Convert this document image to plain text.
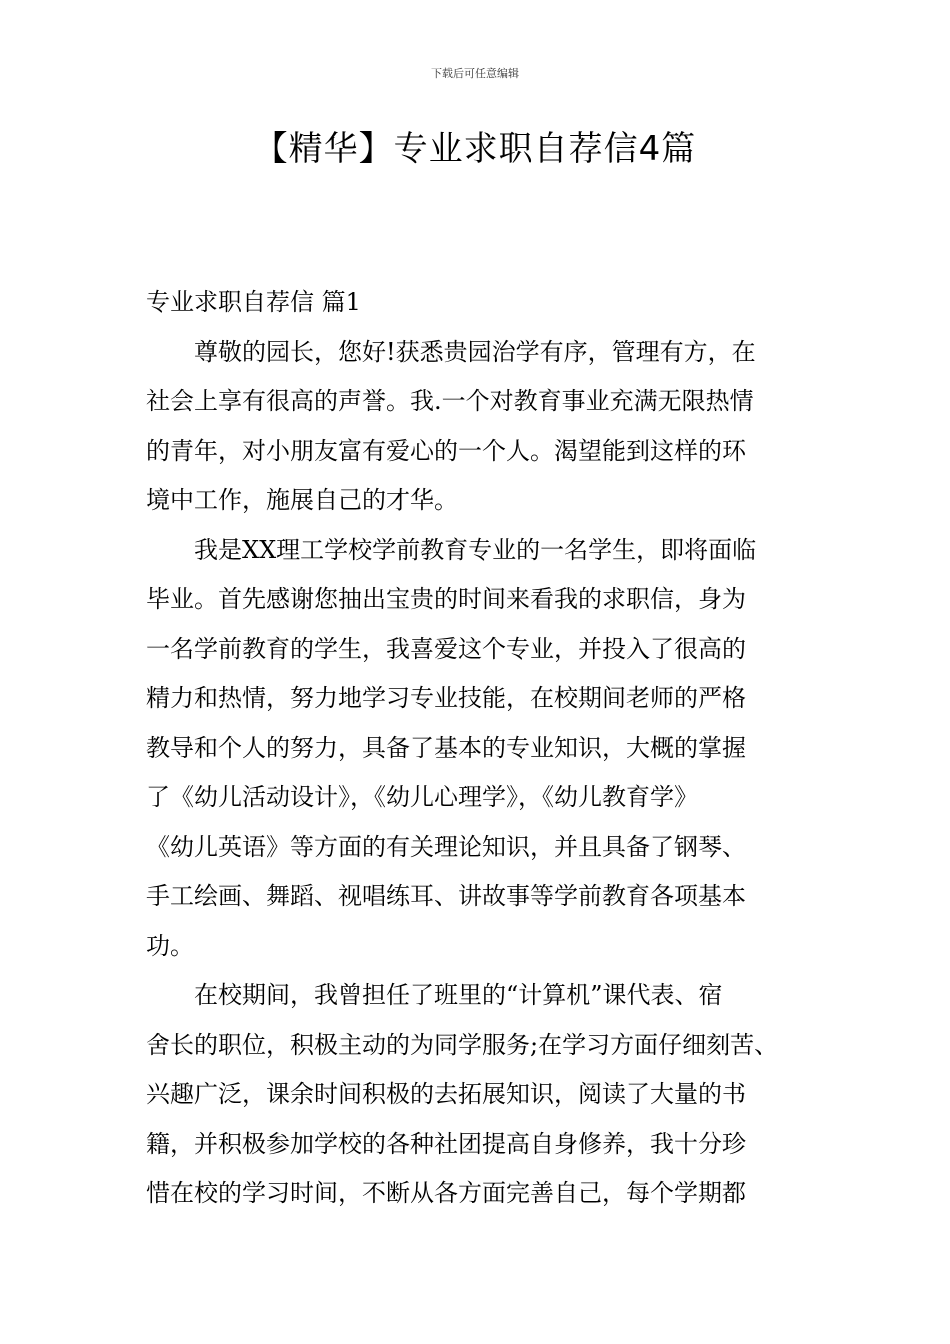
下载后可任意编辑
【精华】专业求职自荐信4篇
专业求职自荐信 篇1
尊敬的园长，您好!获悉贵园治学有序，管理有方，在
社会上享有很高的声誉。我.一个对教育事业充满无限热情
的青年，对小朋友富有爱心的一个人。渴望能到这样的环
境中工作，施展自己的才华。
我是XX理工学校学前教育专业的一名学生，即将面临
毕业。首先感谢您抽出宝贵的时间来看我的求职信，身为
一名学前教育的学生，我喜爱这个专业，并投入了很高的
精力和热情，努力地学习专业技能，在校期间老师的严格
教导和个人的努力，具备了基本的专业知识，大概的掌握
了《幼儿活动设计》，《幼儿心理学》，《幼儿教育学》
《幼儿英语》等方面的有关理论知识，并且具备了钢琴、
手工绘画、舞蹈、视唱练耳、讲故事等学前教育各项基本
功。
在校期间，我曾担任了班里的“计算机”课代表、宿
舍长的职位，积极主动的为同学服务;在学习方面仔细刻苦、
兴趣广泛，课余时间积极的去拓展知识，阅读了大量的书
籍，并积极参加学校的各种社团提高自身修养，我十分珍
惜在校的学习时间，不断从各方面完善自己，每个学期都
